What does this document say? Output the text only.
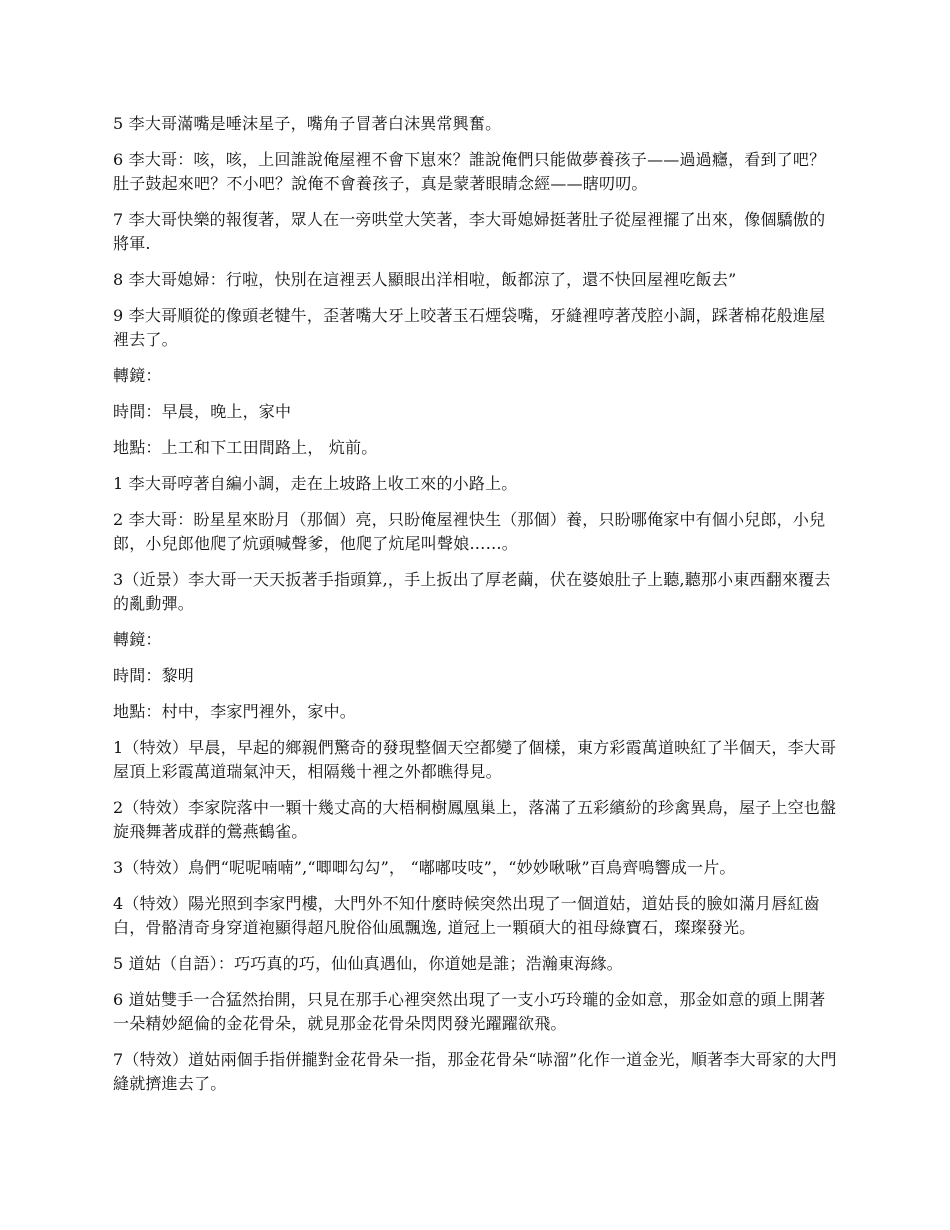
5 李大哥滿嘴是唾沫星子，嘴角子冒著白沫異常興奮。

6 李大哥：咳，咳，上回誰說俺屋裡不會下崽來？誰說俺們只能做夢養孩子——過過癮，看到了吧？肚子鼓起來吧？不小吧？說俺不會養孩子，真是蒙著眼睛念經——瞎叨叨。

7 李大哥快樂的報復著，眾人在一旁哄堂大笑著，李大哥媳婦挺著肚子從屋裡擺了出來，像個驕傲的將軍.

8 李大哥媳婦：行啦，快別在這裡丟人顯眼出洋相啦，飯都涼了，還不快回屋裡吃飯去”

9 李大哥順從的像頭老犍牛，歪著嘴大牙上咬著玉石煙袋嘴，牙縫裡哼著茂腔小調，踩著棉花般進屋裡去了。

轉鏡：

時間：早晨，晚上，家中

地點：上工和下工田間路上， 炕前。

1 李大哥哼著自編小調，走在上坡路上收工來的小路上。

2 李大哥：盼星星來盼月（那個）亮，只盼俺屋裡快生（那個）養，只盼哪俺家中有個小兒郎，小兒郎，小兒郎他爬了炕頭喊聲爹，他爬了炕尾叫聲娘……。

3（近景）李大哥一天天扳著手指頭算,，手上扳出了厚老繭，伏在婆娘肚子上聽,聽那小東西翻來覆去的亂動彈。

轉鏡：

時間：黎明

地點：村中，李家門裡外，家中。

1（特效）早晨，早起的鄉親們驚奇的發現整個天空都變了個樣，東方彩霞萬道映紅了半個天，李大哥屋頂上彩霞萬道瑞氣沖天，相隔幾十裡之外都瞧得見。

2（特效）李家院落中一顆十幾丈高的大梧桐樹鳳凰巢上，落滿了五彩繽紛的珍禽異鳥，屋子上空也盤旋飛舞著成群的鶯燕鶴雀。

3（特效）鳥們“呢呢喃喃”,“唧唧勾勾”， “嘟嘟吱吱”，“妙妙啾啾”百鳥齊鳴響成一片。

4（特效）陽光照到李家門樓，大門外不知什麼時候突然出現了一個道姑，道姑長的臉如滿月唇紅齒白，骨骼清奇身穿道袍顯得超凡脫俗仙風飄逸, 道冠上一顆碩大的祖母綠寶石，璨璨發光。

5 道姑（自語）：巧巧真的巧，仙仙真遇仙，你道她是誰；浩瀚東海緣。

6 道姑雙手一合猛然抬開，只見在那手心裡突然出現了一支小巧玲瓏的金如意，那金如意的頭上開著一朵精妙絕倫的金花骨朵，就見那金花骨朵閃閃發光躍躍欲飛。

7（特效）道姑兩個手指併攏對金花骨朵一指，那金花骨朵“哧溜”化作一道金光，順著李大哥家的大門縫就擠進去了。
